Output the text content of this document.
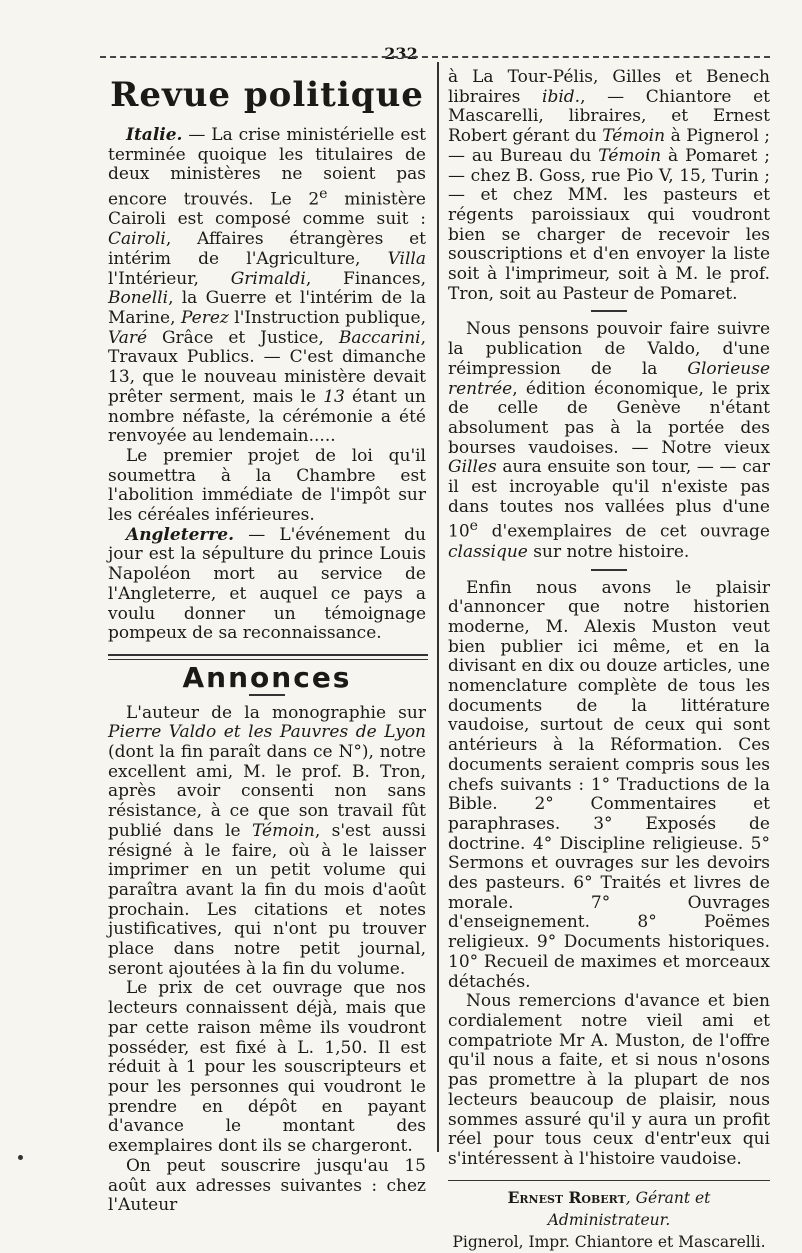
232
Revue politique

Italie. — La crise ministérielle est terminée quoique les titulaires de deux ministères ne soient pas encore trouvés. Le 2e ministère Cairoli est composé comme suit : Cairoli, Affaires étrangères et intérim de l'Agriculture, Villa l'Intérieur, Grimaldi, Finances, Bonelli, la Guerre et l'intérim de la Marine, Perez l'Instruction publique, Varé Grâce et Justice, Baccarini, Travaux Publics. — C'est dimanche 13, que le nouveau ministère devait prêter serment, mais le 13 étant un nombre néfaste, la cérémonie a été renvoyée au lendemain.....

Le premier projet de loi qu'il soumettra à la Chambre est l'abolition immédiate de l'impôt sur les céréales inférieures.

Angleterre. — L'événement du jour est la sépulture du prince Louis Napoléon mort au service de l'Angleterre, et auquel ce pays a voulu donner un témoignage pompeux de sa reconnaissance.

Annonces

L'auteur de la monographie sur Pierre Valdo et les Pauvres de Lyon (dont la fin paraît dans ce N°), notre excellent ami, M. le prof. B. Tron, après avoir consenti non sans résistance, à ce que son travail fût publié dans le Témoin, s'est aussi résigné à le faire, où à le laisser imprimer en un petit volume qui paraîtra avant la fin du mois d'août prochain. Les citations et notes justificatives, qui n'ont pu trouver place dans notre petit journal, seront ajoutées à la fin du volume.

Le prix de cet ouvrage que nos lecteurs connaissent déjà, mais que par cette raison même ils voudront posséder, est fixé à L. 1,50. Il est réduit à 1 pour les souscripteurs et pour les personnes qui voudront le prendre en dépôt en payant d'avance le montant des exemplaires dont ils se chargeront.

On peut souscrire jusqu'au 15 août aux adresses suivantes : chez l'Auteur

à La Tour-Pélis, Gilles et Benech libraires ibid., — Chiantore et Mascarelli, libraires, et Ernest Robert gérant du Témoin à Pignerol ; — au Bureau du Témoin à Pomaret ; — chez B. Goss, rue Pio V, 15, Turin ; — et chez MM. les pasteurs et régents paroissiaux qui voudront bien se charger de recevoir les souscriptions et d'en envoyer la liste soit à l'imprimeur, soit à M. le prof. Tron, soit au Pasteur de Pomaret.

Nous pensons pouvoir faire suivre la publication de Valdo, d'une réimpression de la Glorieuse rentrée, édition économique, le prix de celle de Genève n'étant absolument pas à la portée des bourses vaudoises. — Notre vieux Gilles aura ensuite son tour, — — car il est incroyable qu'il n'existe pas dans toutes nos vallées plus d'une 10e d'exemplaires de cet ouvrage classique sur notre histoire.

Enfin nous avons le plaisir d'annoncer que notre historien moderne, M. Alexis Muston veut bien publier ici même, et en la divisant en dix ou douze articles, une nomenclature complète de tous les documents de la littérature vaudoise, surtout de ceux qui sont antérieurs à la Réformation. Ces documents seraient compris sous les chefs suivants : 1° Traductions de la Bible. 2° Commentaires et paraphrases. 3° Exposés de doctrine. 4° Discipline religieuse. 5° Sermons et ouvrages sur les devoirs des pasteurs. 6° Traités et livres de morale. 7° Ouvrages d'enseignement. 8° Poëmes religieux. 9° Documents historiques. 10° Recueil de maximes et morceaux détachés.

Nous remercions d'avance et bien cordialement notre vieil ami et compatriote Mr A. Muston, de l'offre qu'il nous a faite, et si nous n'osons pas promettre à la plupart de nos lecteurs beaucoup de plaisir, nous sommes assuré qu'il y aura un profit réel pour tous ceux d'entr'eux qui s'intéressent à l'histoire vaudoise.

Ernest Robert, Gérant et Administrateur.

Pignerol, Impr. Chiantore et Mascarelli.
